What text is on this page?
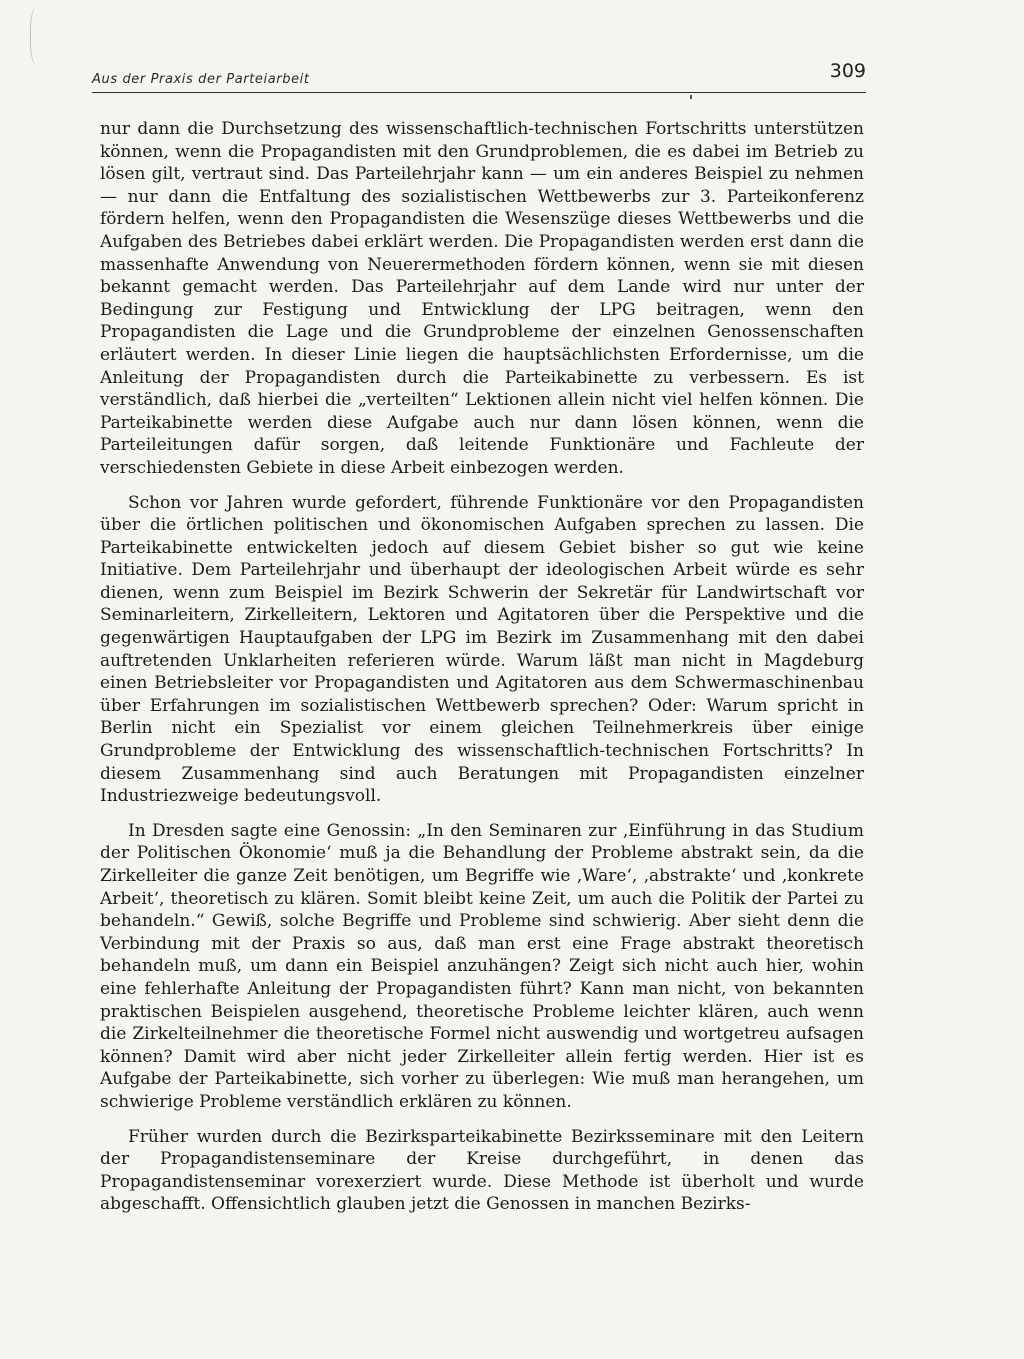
Aus der Praxis der Parteiarbeit	309

nur dann die Durchsetzung des wissenschaftlich-technischen Fortschritts unterstützen können, wenn die Propagandisten mit den Grundproblemen, die es dabei im Betrieb zu lösen gilt, vertraut sind. Das Parteilehrjahr kann — um ein anderes Beispiel zu nehmen — nur dann die Entfaltung des sozialistischen Wettbewerbs zur 3. Parteikonferenz fördern helfen, wenn den Propagandisten die Wesenszüge dieses Wettbewerbs und die Aufgaben des Betriebes dabei erklärt werden. Die Propagandisten werden erst dann die massenhafte Anwendung von Neuerermethoden fördern können, wenn sie mit diesen bekannt gemacht werden. Das Parteilehrjahr auf dem Lande wird nur unter der Bedingung zur Festigung und Entwicklung der LPG beitragen, wenn den Propagandisten die Lage und die Grundprobleme der einzelnen Genossenschaften erläutert werden. In dieser Linie liegen die hauptsächlichsten Erfordernisse, um die Anleitung der Propagandisten durch die Parteikabinette zu verbessern. Es ist verständlich, daß hierbei die „verteilten“ Lektionen allein nicht viel helfen können. Die Parteikabinette werden diese Aufgabe auch nur dann lösen können, wenn die Parteileitungen dafür sorgen, daß leitende Funktionäre und Fachleute der verschiedensten Gebiete in diese Arbeit einbezogen werden.

Schon vor Jahren wurde gefordert, führende Funktionäre vor den Propagandisten über die örtlichen politischen und ökonomischen Aufgaben sprechen zu lassen. Die Parteikabinette entwickelten jedoch auf diesem Gebiet bisher so gut wie keine Initiative. Dem Parteilehrjahr und überhaupt der ideologischen Arbeit würde es sehr dienen, wenn zum Beispiel im Bezirk Schwerin der Sekretär für Landwirtschaft vor Seminarleitern, Zirkelleitern, Lektoren und Agitatoren über die Perspektive und die gegenwärtigen Hauptaufgaben der LPG im Bezirk im Zusammenhang mit den dabei auftretenden Unklarheiten referieren würde. Warum läßt man nicht in Magdeburg einen Betriebsleiter vor Propagandisten und Agitatoren aus dem Schwermaschinenbau über Erfahrungen im sozialistischen Wettbewerb sprechen? Oder: Warum spricht in Berlin nicht ein Spezialist vor einem gleichen Teilnehmerkreis über einige Grundprobleme der Entwicklung des wissenschaftlich-technischen Fortschritts? In diesem Zusammenhang sind auch Beratungen mit Propagandisten einzelner Industriezweige bedeutungsvoll.

In Dresden sagte eine Genossin: „In den Seminaren zur ‚Einführung in das Studium der Politischen Ökonomie‘ muß ja die Behandlung der Probleme abstrakt sein, da die Zirkelleiter die ganze Zeit benötigen, um Begriffe wie ‚Ware‘, ‚abstrakte‘ und ‚konkrete Arbeit‘, theoretisch zu klären. Somit bleibt keine Zeit, um auch die Politik der Partei zu behandeln.“ Gewiß, solche Begriffe und Probleme sind schwierig. Aber sieht denn die Verbindung mit der Praxis so aus, daß man erst eine Frage abstrakt theoretisch behandeln muß, um dann ein Beispiel anzuhängen? Zeigt sich nicht auch hier, wohin eine fehlerhafte Anleitung der Propagandisten führt? Kann man nicht, von bekannten praktischen Beispielen ausgehend, theoretische Probleme leichter klären, auch wenn die Zirkelteilnehmer die theoretische Formel nicht auswendig und wortgetreu aufsagen können? Damit wird aber nicht jeder Zirkelleiter allein fertig werden. Hier ist es Aufgabe der Parteikabinette, sich vorher zu überlegen: Wie muß man herangehen, um schwierige Probleme verständlich erklären zu können.

Früher wurden durch die Bezirksparteikabinette Bezirksseminare mit den Leitern der Propagandistenseminare der Kreise durchgeführt, in denen das Propagandistenseminar vorexerziert wurde. Diese Methode ist überholt und wurde abgeschafft. Offensichtlich glauben jetzt die Genossen in manchen Bezirks-
